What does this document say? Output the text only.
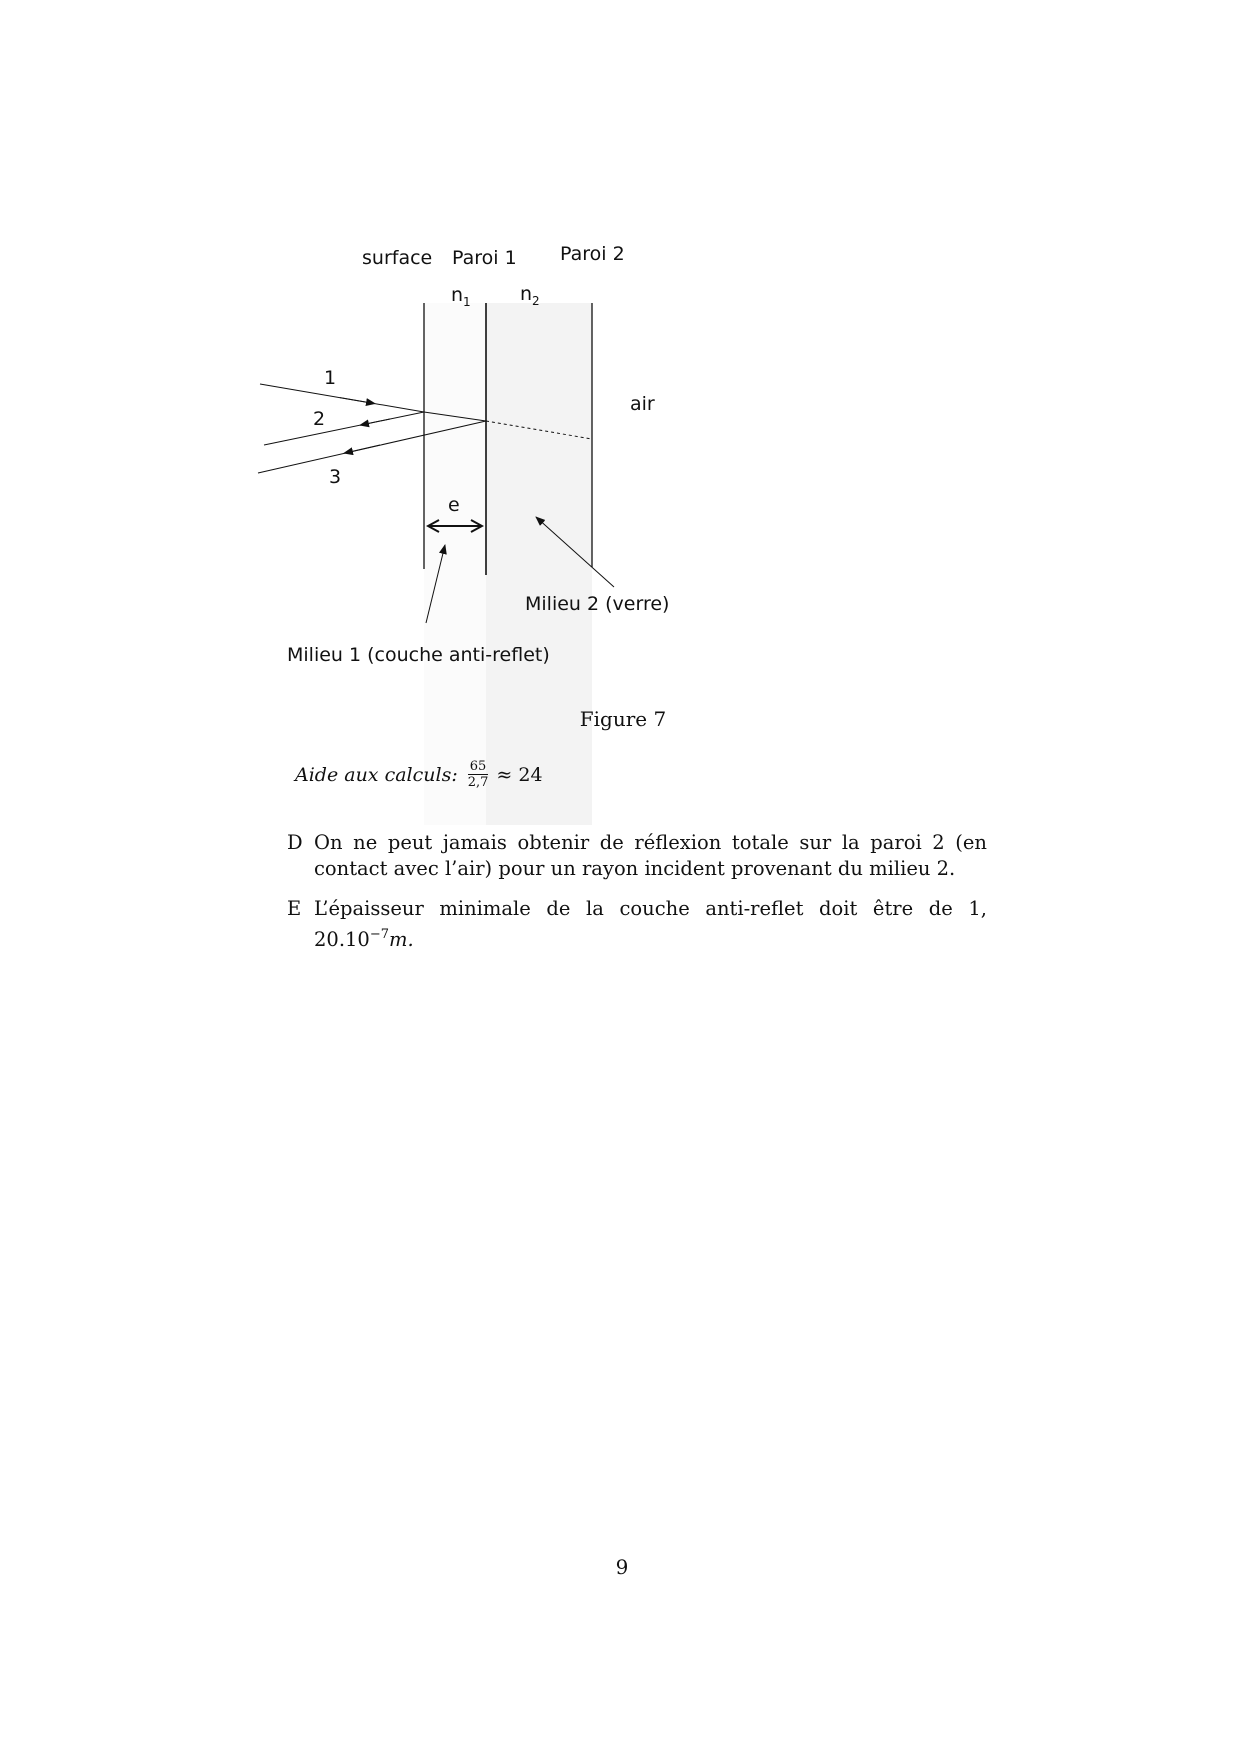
surface Paroi 1 Paroi 2
$n_1$	$n_2$
air
1
2
3
e
Milieu 2 (verre)
Milieu 1 (couche anti-reflet)
Figure 7
Aide aux calculs: $\frac{65}{2,7} \approx 24$
D On ne peut jamais obtenir de réflexion totale sur la paroi 2 (en contact avec l’air) pour un rayon incident provenant du milieu 2.
E L’épaisseur minimale de la couche anti-reflet doit être de 1, $20.10^{-7}m$.
9
